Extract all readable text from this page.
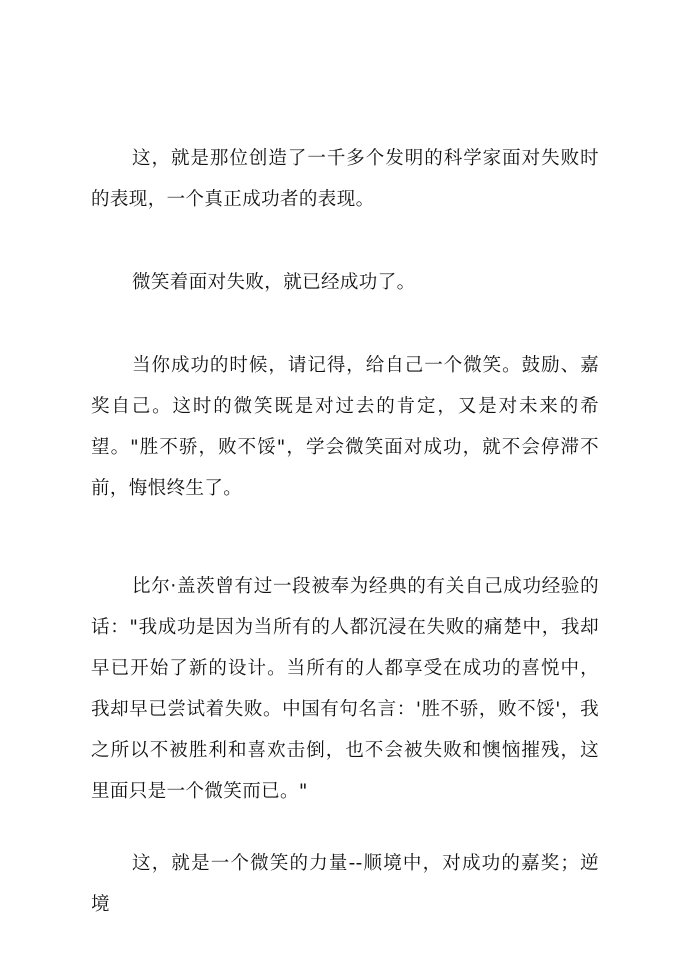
这，就是那位创造了一千多个发明的科学家面对失败时的表现，一个真正成功者的表现。

微笑着面对失败，就已经成功了。

当你成功的时候，请记得，给自己一个微笑。鼓励、嘉奖自己。这时的微笑既是对过去的肯定，又是对未来的希望。"胜不骄，败不馁"，学会微笑面对成功，就不会停滞不前，悔恨终生了。

比尔·盖茨曾有过一段被奉为经典的有关自己成功经验的话："我成功是因为当所有的人都沉浸在失败的痛楚中，我却早已开始了新的设计。当所有的人都享受在成功的喜悦中，我却早已尝试着失败。中国有句名言：'胜不骄，败不馁'，我之所以不被胜利和喜欢击倒，也不会被失败和懊恼摧残，这里面只是一个微笑而已。"

这，就是一个微笑的力量--顺境中，对成功的嘉奖；逆境
